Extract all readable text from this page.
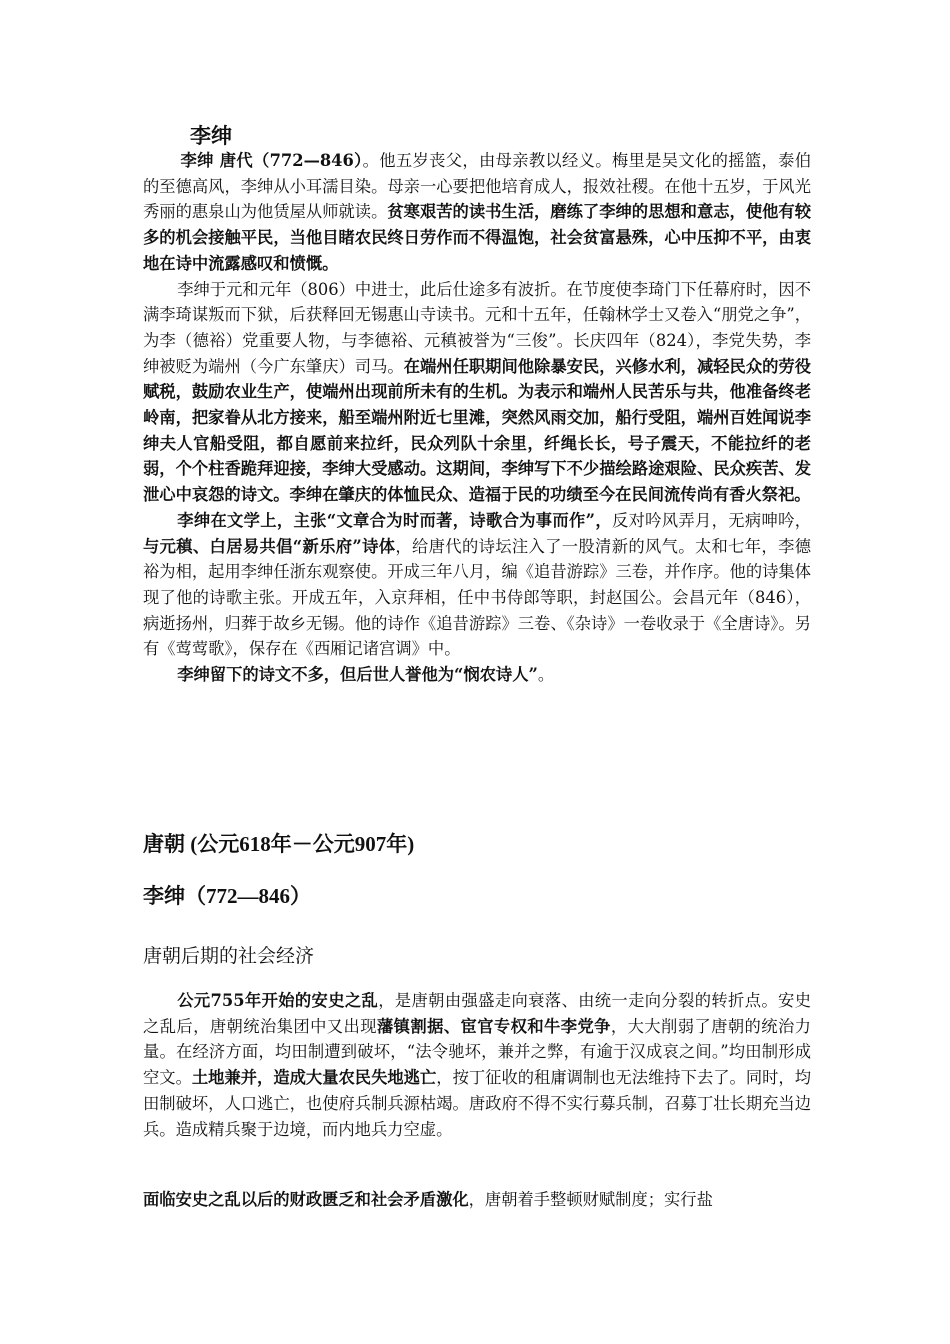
李绅

李绅 唐代（772—846）。他五岁丧父，由母亲教以经义。梅里是吴文化的摇篮，泰伯的至德高风，李绅从小耳濡目染。母亲一心要把他培育成人，报效社稷。在他十五岁，于风光秀丽的惠泉山为他赁屋从师就读。贫寒艰苦的读书生活，磨练了李绅的思想和意志，使他有较多的机会接触平民，当他目睹农民终日劳作而不得温饱，社会贫富悬殊，心中压抑不平，由衷地在诗中流露感叹和愤慨。

李绅于元和元年（806）中进士，此后仕途多有波折。在节度使李琦门下任幕府时，因不满李琦谋叛而下狱，后获释回无锡惠山寺读书。元和十五年，任翰林学士又卷入“朋党之争”，为李（德裕）党重要人物，与李德裕、元稹被誉为“三俊”。长庆四年（824），李党失势，李绅被贬为端州（今广东肇庆）司马。在端州任职期间他除暴安民，兴修水利，减轻民众的劳役赋税，鼓励农业生产，使端州出现前所未有的生机。为表示和端州人民苦乐与共，他准备终老岭南，把家眷从北方接来，船至端州附近七里滩，突然风雨交加，船行受阻，端州百姓闻说李绅夫人官船受阻，都自愿前来拉纤，民众列队十余里，纤绳长长，号子震天，不能拉纤的老弱，个个柱香跪拜迎接，李绅大受感动。这期间，李绅写下不少描绘路途艰险、民众疾苦、发泄心中哀怨的诗文。李绅在肇庆的体恤民众、造福于民的功绩至今在民间流传尚有香火祭祀。

李绅在文学上，主张“文章合为时而著，诗歌合为事而作”，反对吟风弄月，无病呻吟，与元稹、白居易共倡“新乐府”诗体，给唐代的诗坛注入了一股清新的风气。太和七年，李德裕为相，起用李绅任浙东观察使。开成三年八月，编《追昔游踪》三卷，并作序。他的诗集体现了他的诗歌主张。开成五年，入京拜相，任中书侍郎等职，封赵国公。会昌元年（846），病逝扬州，归葬于故乡无锡。他的诗作《追昔游踪》三卷、《杂诗》一卷收录于《全唐诗》。另有《莺莺歌》，保存在《西厢记诸宫调》中。

李绅留下的诗文不多，但后世人誉他为“悯农诗人”。

唐朝 (公元618年－公元907年)
李绅（772—846）
唐朝后期的社会经济

公元755年开始的安史之乱，是唐朝由强盛走向衰落、由统一走向分裂的转折点。安史之乱后，唐朝统治集团中又出现藩镇割据、宦官专权和牛李党争，大大削弱了唐朝的统治力量。在经济方面，均田制遭到破坏，“法令驰坏，兼并之弊，有逾于汉成哀之间。”均田制形成空文。土地兼并，造成大量农民失地逃亡，按丁征收的租庸调制也无法维持下去了。同时，均田制破坏，人口逃亡，也使府兵制兵源枯竭。唐政府不得不实行募兵制，召募丁壮长期充当边兵。造成精兵聚于边境，而内地兵力空虚。

面临安史之乱以后的财政匮乏和社会矛盾激化，唐朝着手整顿财赋制度；实行盐
